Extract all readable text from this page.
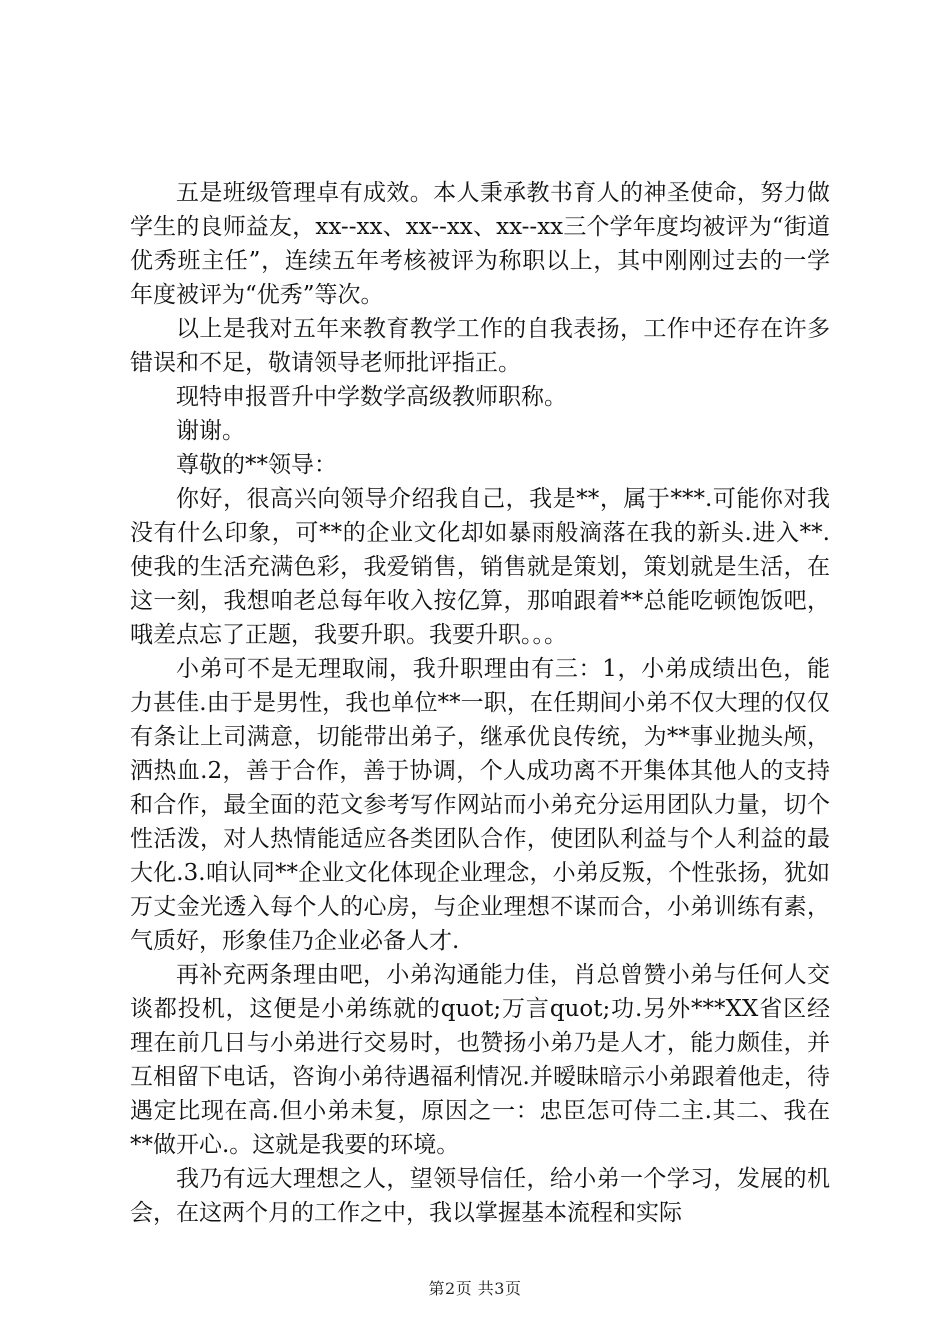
五是班级管理卓有成效。本人秉承教书育人的神圣使命，努力做学生的良师益友，xx--xx、xx--xx、xx--xx三个学年度均被评为“街道优秀班主任”，连续五年考核被评为称职以上，其中刚刚过去的一学年度被评为“优秀”等次。

以上是我对五年来教育教学工作的自我表扬，工作中还存在许多错误和不足，敬请领导老师批评指正。

现特申报晋升中学数学高级教师职称。

谢谢。

尊敬的**领导：

你好，很高兴向领导介绍我自己，我是**，属于***.可能你对我没有什么印象，可**的企业文化却如暴雨般滴落在我的新头.进入**.使我的生活充满色彩，我爱销售，销售就是策划，策划就是生活，在这一刻，我想咱老总每年收入按亿算，那咱跟着**总能吃顿饱饭吧，哦差点忘了正题，我要升职。我要升职。。。

小弟可不是无理取闹，我升职理由有三：1，小弟成绩出色，能力甚佳.由于是男性，我也单位**一职，在任期间小弟不仅大理的仅仅有条让上司满意，切能带出弟子，继承优良传统，为**事业抛头颅，洒热血.2，善于合作，善于协调，个人成功离不开集体其他人的支持和合作，最全面的范文参考写作网站而小弟充分运用团队力量，切个性活泼，对人热情能适应各类团队合作，使团队利益与个人利益的最大化.3.咱认同**企业文化体现企业理念，小弟反叛，个性张扬，犹如万丈金光透入每个人的心房，与企业理想不谋而合，小弟训练有素，气质好，形象佳乃企业必备人才.

再补充两条理由吧，小弟沟通能力佳，肖总曾赞小弟与任何人交谈都投机，这便是小弟练就的quot;万言quot;功.另外***XX省区经理在前几日与小弟进行交易时，也赞扬小弟乃是人才，能力颇佳，并互相留下电话，咨询小弟待遇福利情况.并暧昧暗示小弟跟着他走，待遇定比现在高.但小弟未复，原因之一：忠臣怎可侍二主.其二、我在**做开心.。这就是我要的环境。

我乃有远大理想之人，望领导信任，给小弟一个学习，发展的机会，在这两个月的工作之中，我以掌握基本流程和实际

第2页 共3页
